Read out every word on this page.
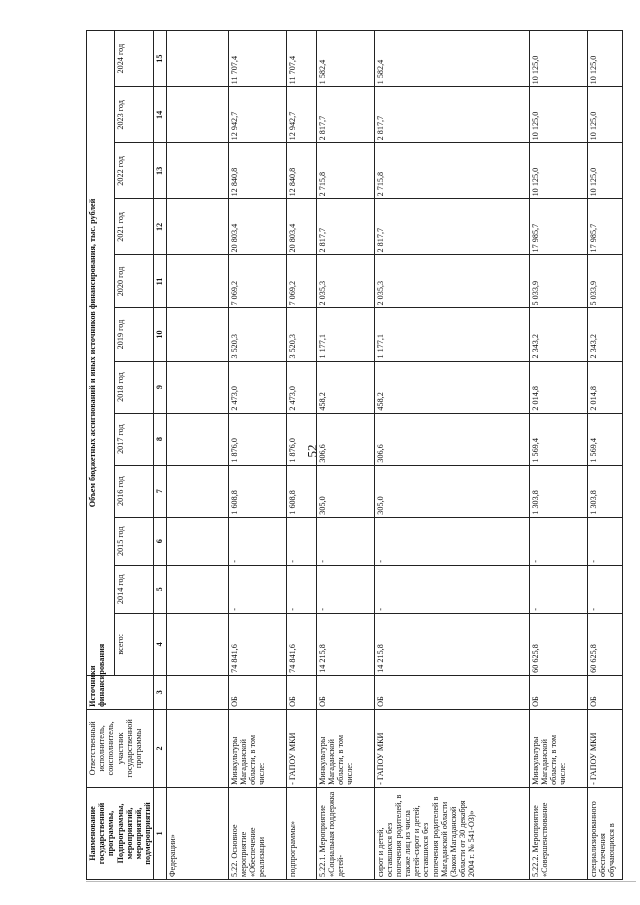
52
Наименование государственной программы, Подпрограммы, мероприятий, мероприятий, подмероприятий	Ответственный исполнитель, соисполнитель, участник государственной программы	Источники финансирования	Объем бюджетных ассигнований и иных источников финансирования, тыс. рублей											
			всего:	2014 год	2015 год	2016 год	2017 год	2018 год	2019 год	2020 год	2021 год	2022 год	2023 год	2024 год
1	2	3	4	5	6	7	8	9	10	11	12	13	14	15
Федерации»														
5.22. Основное мероприятие «Обеспечение реализации	Минкультуры Магаданской области, в том числе:	ОБ	74 841,6	-	-	1 608,8	1 876,0	2 473,0	3 520,3	7 069,2	20 803,4	12 840,8	12 942,7	11 707,4
подпрограммы»	- ГАПОУ МКИ	ОБ	74 841,6	-	-	1 608,8	1 876,0	2 473,0	3 520,3	7 069,2	20 803,4	12 840,8	12 942,7	11 707,4
5.22.1. Мероприятие «Социальная поддержка детей-	Минкультуры Магаданской области, в том числе:	ОБ	14 215,8	-	-	305,0	306,6	458,2	1 177,1	2 035,3	2 817,7	2 715,8	2 817,7	1 582,4
сирот и детей, оставшихся без попечения родителей, в также лиц из числа детей-сирот и детей, оставшихся без попечения родителей в Магаданской области (Закон Магаданской области от 30 декабря 2004 г. № 541-ОЗ)»	- ГАПОУ МКИ	ОБ	14 215,8	-	-	305,0	306,6	458,2	1 177,1	2 035,3	2 817,7	2 715,8	2 817,7	1 582,4
5.22.2. Мероприятие «Совершенствование	Минкультуры Магаданской области, в том числе:	ОБ	60 625,8	-	-	1 303,8	1 569,4	2 014,8	2 343,2	5 033,9	17 985,7	10 125,0	10 125,0	10 125,0
специализированного обеспечения обучающихся в	- ГАПОУ МКИ	ОБ	60 625,8	-	-	1 303,8	1 569,4	2 014,8	2 343,2	5 033,9	17 985,7	10 125,0	10 125,0	10 125,0
